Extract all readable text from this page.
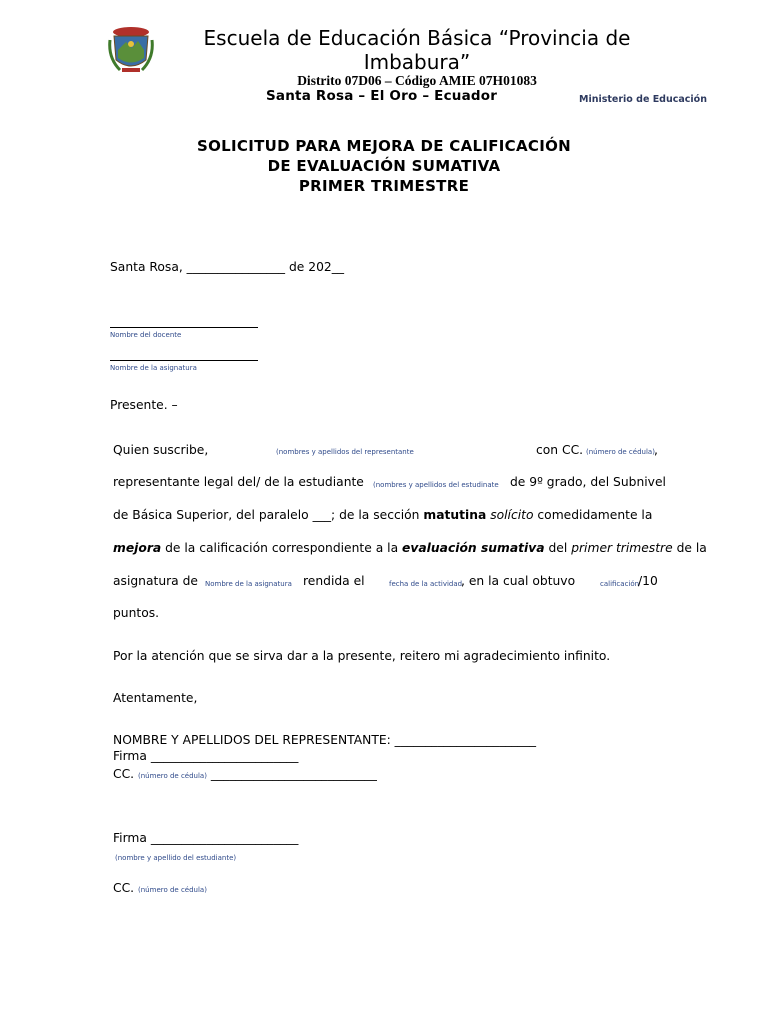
Escuela de Educación Básica “Provincia de Imbabura”
Distrito 07D06 – Código AMIE 07H01083
Santa Rosa – El Oro – Ecuador	Ministerio de Educación
SOLICITUD PARA MEJORA DE CALIFICACIÓN
DE EVALUACIÓN SUMATIVA
PRIMER TRIMESTRE
Santa Rosa, ________________ de 202__
Nombre del docente
Nombre de la asignatura
Presente. –
Quien suscribe,	(nombres y apellidos del representante	con CC. (número de cédula) ,
representante legal del/ de la estudiante (nombres y apellidos del estudinate de 9º grado, del Subnivel
de Básica Superior, del paralelo ___; de la sección matutina solícito comedidamente la
mejora de la calificación correspondiente a la evaluación sumativa del primer trimestre de la
asignatura de Nombre de la asignatura rendida el	fecha de la actividad
, en la cual obtuvo	calificación
/10
puntos.
Por la atención que se sirva dar a la presente, reitero mi agradecimiento infinito.
Atentamente,
NOMBRE Y APELLIDOS DEL REPRESENTANTE: _______________________
Firma ________________________
CC. (número de cédula) ___________________________
Firma ________________________
(nombre y apellido del estudiante)
CC. (número de cédula)
